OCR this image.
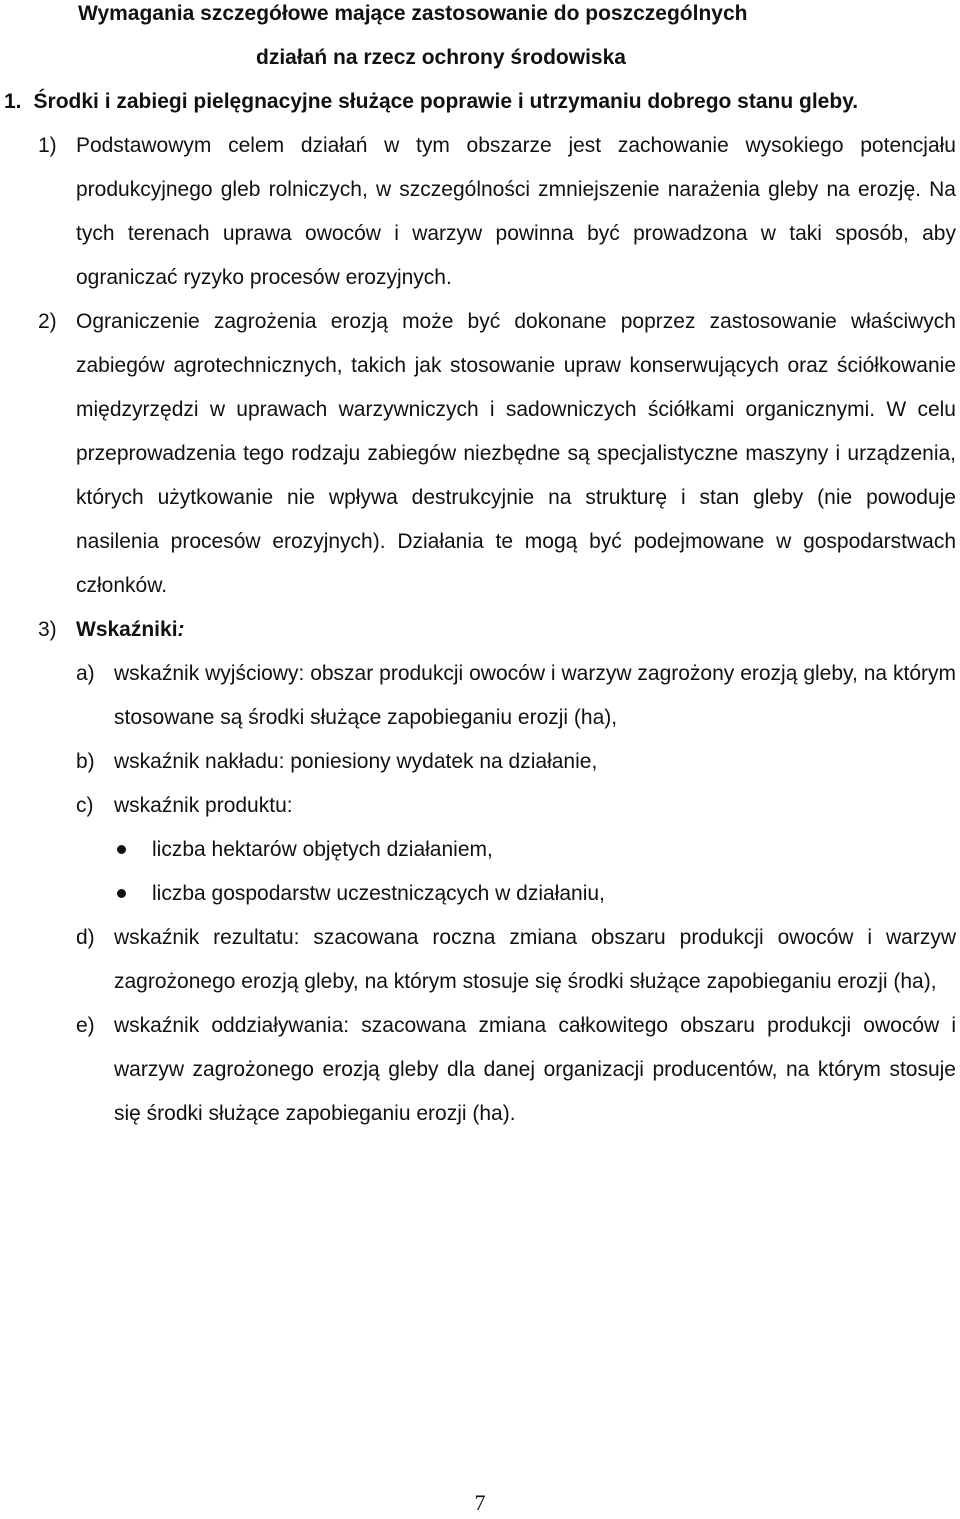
Wymagania szczegółowe mające zastosowanie do poszczególnych

działań na rzecz ochrony środowiska

1. Środki i zabiegi pielęgnacyjne służące poprawie i utrzymaniu dobrego stanu gleby.
1) Podstawowym celem działań w tym obszarze jest zachowanie wysokiego potencjału produkcyjnego gleb rolniczych, w szczególności zmniejszenie narażenia gleby na erozję. Na tych terenach uprawa owoców i warzyw powinna być prowadzona w taki sposób, aby ograniczać ryzyko procesów erozyjnych.
2) Ograniczenie zagrożenia erozją może być dokonane poprzez zastosowanie właściwych zabiegów agrotechnicznych, takich jak stosowanie upraw konserwujących oraz ściółkowanie międzyrzędzi w uprawach warzywniczych i sadowniczych ściółkami organicznymi. W celu przeprowadzenia tego rodzaju zabiegów niezbędne są specjalistyczne maszyny i urządzenia, których użytkowanie nie wpływa destrukcyjnie na strukturę i stan gleby (nie powoduje nasilenia procesów erozyjnych). Działania te mogą być podejmowane w gospodarstwach członków.
3) Wskaźniki:
a) wskaźnik wyjściowy: obszar produkcji owoców i warzyw zagrożony erozją gleby, na którym stosowane są środki służące zapobieganiu erozji (ha),
b) wskaźnik nakładu: poniesiony wydatek na działanie,
c) wskaźnik produktu:
liczba hektarów objętych działaniem,
liczba gospodarstw uczestniczących w działaniu,
d) wskaźnik rezultatu: szacowana roczna zmiana obszaru produkcji owoców i warzyw zagrożonego erozją gleby, na którym stosuje się środki służące zapobieganiu erozji (ha),
e) wskaźnik oddziaływania: szacowana zmiana całkowitego obszaru produkcji owoców i warzyw zagrożonego erozją gleby dla danej organizacji producentów, na którym stosuje się środki służące zapobieganiu erozji (ha).
7
